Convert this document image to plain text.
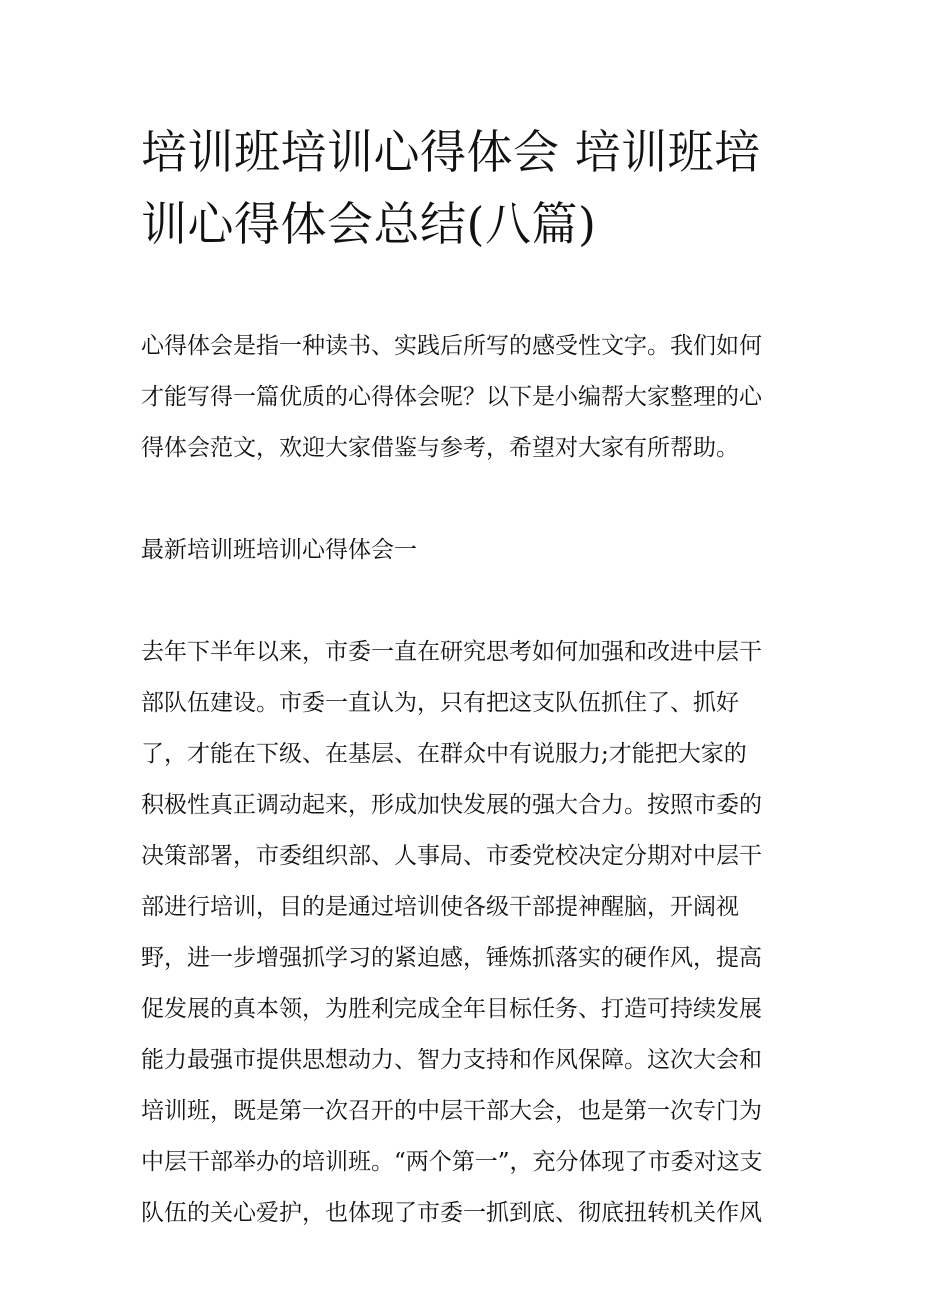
培训班培训心得体会 培训班培
训心得体会总结(八篇)

心得体会是指一种读书、实践后所写的感受性文字。我们如何
才能写得一篇优质的心得体会呢？以下是小编帮大家整理的心
得体会范文，欢迎大家借鉴与参考，希望对大家有所帮助。

最新培训班培训心得体会一

去年下半年以来，市委一直在研究思考如何加强和改进中层干
部队伍建设。市委一直认为，只有把这支队伍抓住了、抓好
了，才能在下级、在基层、在群众中有说服力;才能把大家的
积极性真正调动起来，形成加快发展的强大合力。按照市委的
决策部署，市委组织部、人事局、市委党校决定分期对中层干
部进行培训，目的是通过培训使各级干部提神醒脑，开阔视
野，进一步增强抓学习的紧迫感，锤炼抓落实的硬作风，提高
促发展的真本领，为胜利完成全年目标任务、打造可持续发展
能力最强市提供思想动力、智力支持和作风保障。这次大会和
培训班，既是第一次召开的中层干部大会，也是第一次专门为
中层干部举办的培训班。“两个第一”，充分体现了市委对这支
队伍的关心爱护，也体现了市委一抓到底、彻底扭转机关作风
